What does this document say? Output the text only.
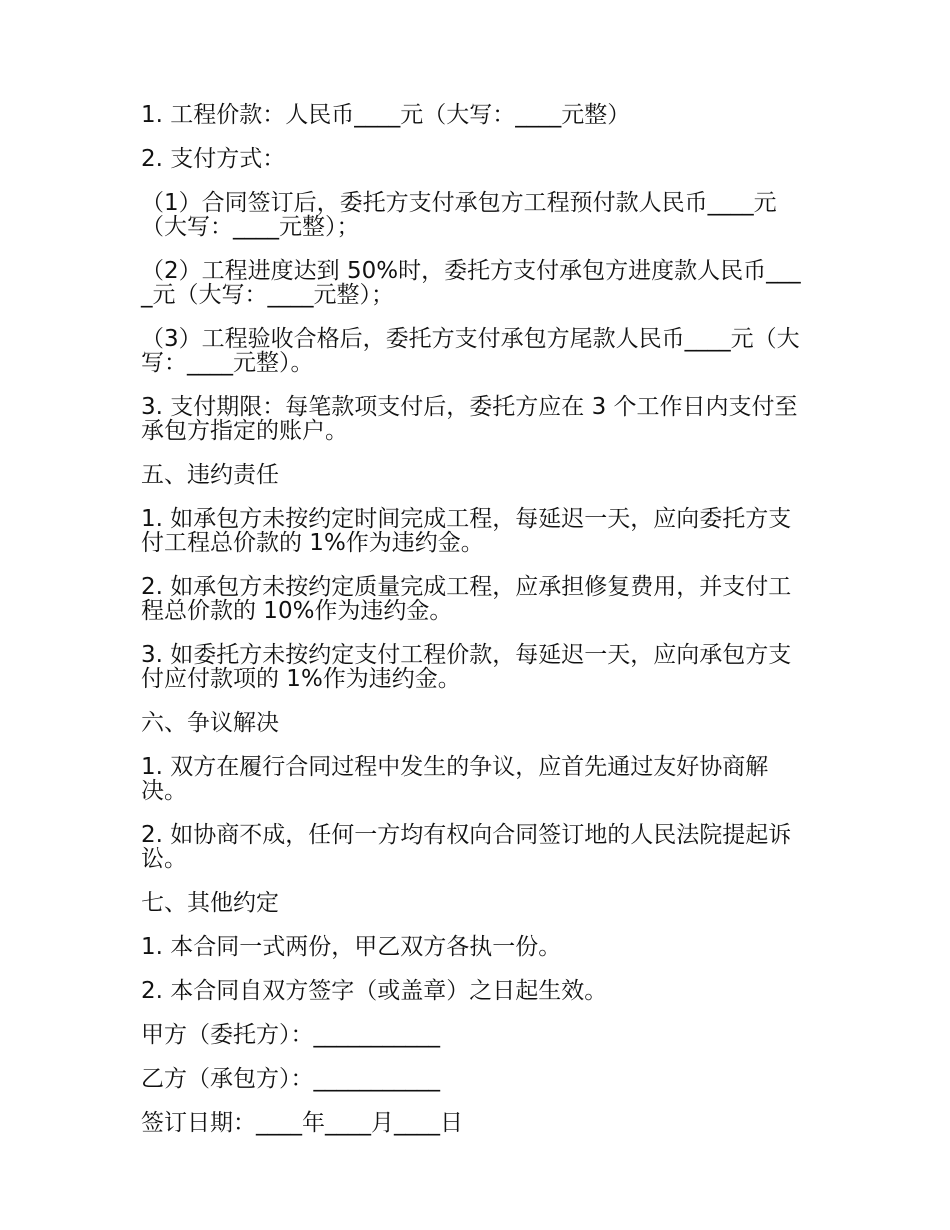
1. 工程价款：人民币____元（大写：____元整）

2. 支付方式：

（1）合同签订后，委托方支付承包方工程预付款人民币____元（大写：____元整）；

（2）工程进度达到 50%时，委托方支付承包方进度款人民币____元（大写：____元整）；

（3）工程验收合格后，委托方支付承包方尾款人民币____元（大写：____元整）。

3. 支付期限：每笔款项支付后，委托方应在 3 个工作日内支付至承包方指定的账户。

五、违约责任

1. 如承包方未按约定时间完成工程，每延迟一天，应向委托方支付工程总价款的 1%作为违约金。

2. 如承包方未按约定质量完成工程，应承担修复费用，并支付工程总价款的 10%作为违约金。

3. 如委托方未按约定支付工程价款，每延迟一天，应向承包方支付应付款项的 1%作为违约金。

六、争议解决

1. 双方在履行合同过程中发生的争议，应首先通过友好协商解决。

2. 如协商不成，任何一方均有权向合同签订地的人民法院提起诉讼。

七、其他约定

1. 本合同一式两份，甲乙双方各执一份。

2. 本合同自双方签字（或盖章）之日起生效。

甲方（委托方）：___________

乙方（承包方）：___________

签订日期：____年____月____日
